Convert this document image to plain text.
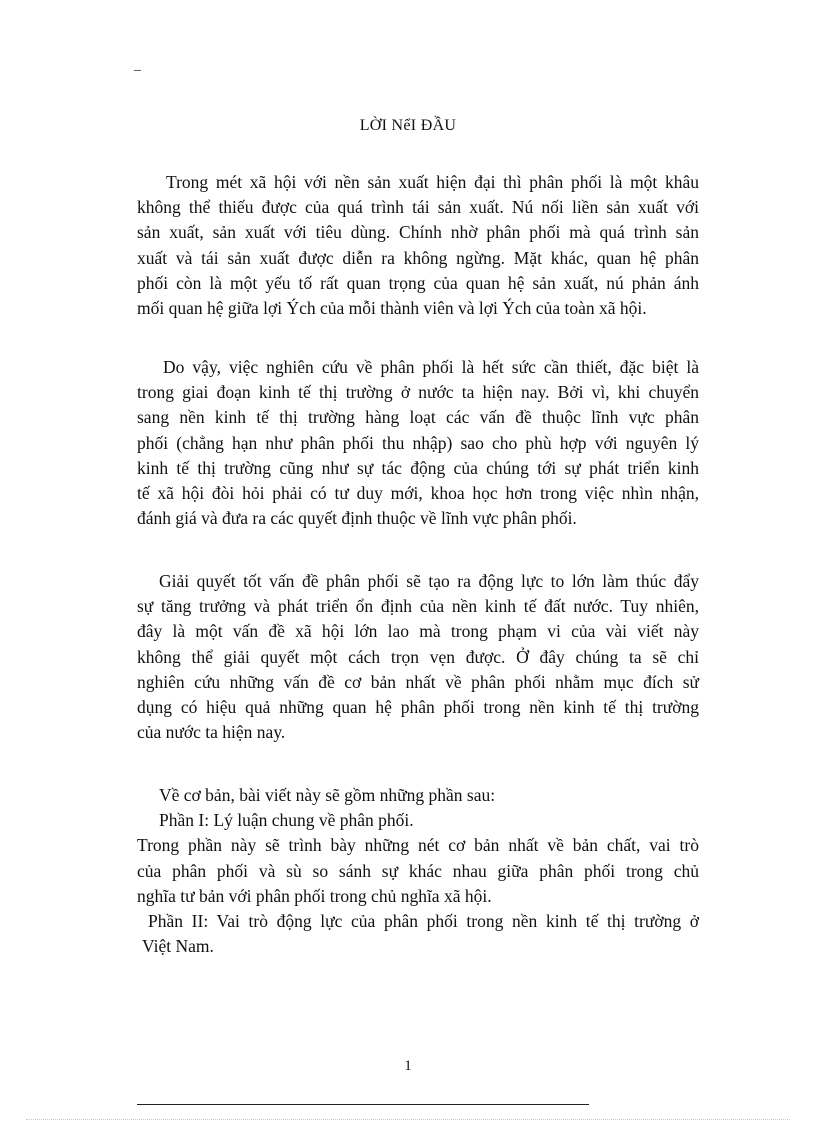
_
LỜI NểI ĐẦU
Trong mét xã hội với nền sản xuất hiện đại thì phân phối là một khâu
không thể thiếu được của quá trình tái sản xuất. Nú nối liền sản xuất với
sản xuất, sản xuất với tiêu dùng. Chính nhờ phân phối mà quá trình sản
xuất và tái sản xuất được diễn ra không ngừng. Mặt khác, quan hệ phân
phối còn là một yếu tố rất quan trọng của quan hệ sản xuất, nú phản ánh
mối quan hệ giữa lợi Ých của mỗi thành viên và lợi Ých của toàn xã hội.
Do vậy, việc nghiên cứu về phân phối là hết sức cần thiết, đặc biệt là
trong giai đoạn kinh tế thị trường ở nước ta hiện nay. Bởi vì, khi chuyển
sang nền kinh tế thị trường hàng loạt các vấn đề thuộc lĩnh vực phân
phối (chẳng hạn như phân phối thu nhập) sao cho phù hợp với nguyên lý
kinh tế thị trường cũng như sự tác động của chúng tới sự phát triển kinh
tế xã hội đòi hỏi phải có tư duy mới, khoa học hơn trong việc nhìn nhận,
đánh giá và đưa ra các quyết định thuộc về lĩnh vực phân phối.
Giải quyết tốt vấn đề phân phối sẽ tạo ra động lực to lớn làm thúc đẩy
sự tăng trưởng và phát triển ổn định của nền kinh tế đất nước. Tuy nhiên,
đây là một vấn đề xã hội lớn lao mà trong phạm vi của vài viết này
không thể giải quyết một cách trọn vẹn được. Ở đây chúng ta sẽ chỉ
nghiên cứu những vấn đề cơ bản nhất về phân phối nhằm mục đích sử
dụng có hiệu quả những quan hệ phân phối trong nền kinh tế thị trường
của nước ta hiện nay.
Về cơ bản, bài viết này sẽ gồm những phần sau:
Phần I: Lý luận chung về phân phối.
Trong phần này sẽ trình bày những nét cơ bản nhất về bản chất, vai trò
của phân phối và sù so sánh sự khác nhau giữa phân phối trong chủ
nghĩa tư bản với phân phối trong chủ nghĩa xã hội.
Phần II: Vai trò động lực của phân phối trong nền kinh tế thị trường ở
Việt Nam.
1
